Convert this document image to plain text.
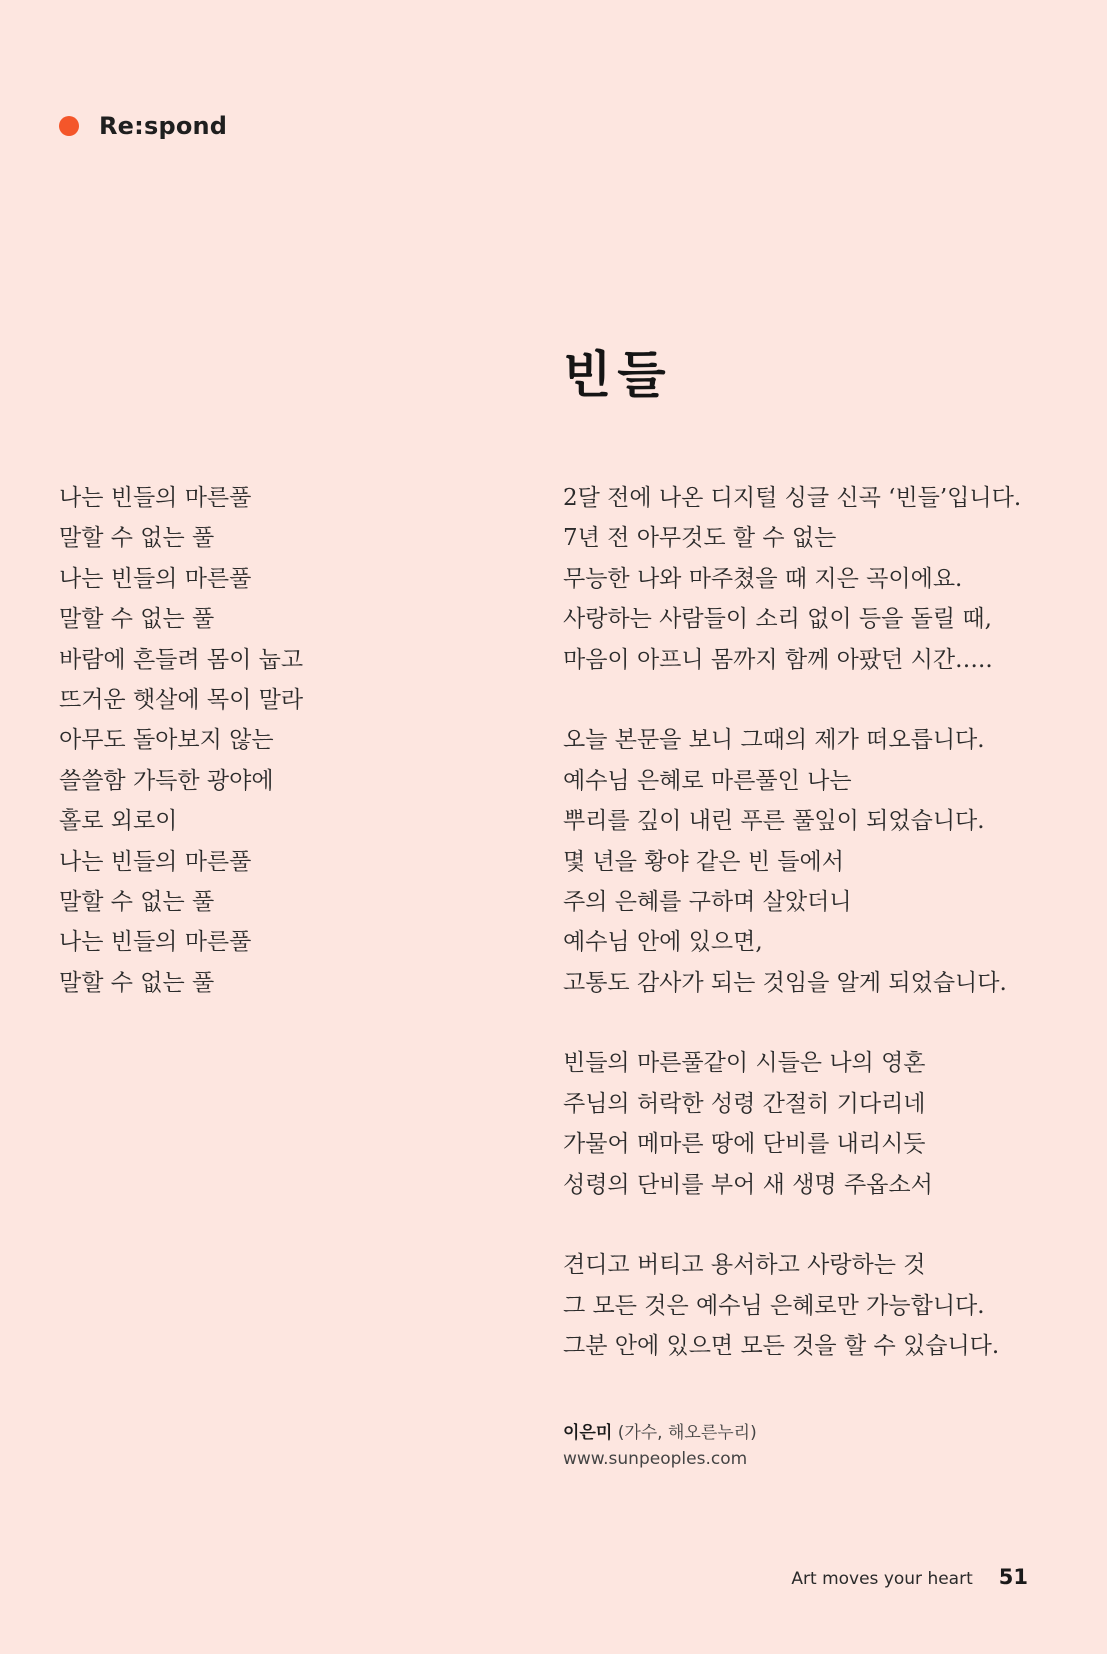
Re:spond
빈들
나는 빈들의 마른풀
말할 수 없는 풀
나는 빈들의 마른풀
말할 수 없는 풀
바람에 흔들려 몸이 눕고
뜨거운 햇살에 목이 말라
아무도 돌아보지 않는
쓸쓸함 가득한 광야에
홀로 외로이
나는 빈들의 마른풀
말할 수 없는 풀
나는 빈들의 마른풀
말할 수 없는 풀
2달 전에 나온 디지털 싱글 신곡 ‘빈들’입니다.
7년 전 아무것도 할 수 없는
무능한 나와 마주쳤을 때 지은 곡이에요.
사랑하는 사람들이 소리 없이 등을 돌릴 때,
마음이 아프니 몸까지 함께 아팠던 시간…..
오늘 본문을 보니 그때의 제가 떠오릅니다.
예수님 은혜로 마른풀인 나는
뿌리를 깊이 내린 푸른 풀잎이 되었습니다.
몇 년을 황야 같은 빈 들에서
주의 은혜를 구하며 살았더니
예수님 안에 있으면,
고통도 감사가 되는 것임을 알게 되었습니다.
빈들의 마른풀같이 시들은 나의 영혼
주님의 허락한 성령 간절히 기다리네
가물어 메마른 땅에 단비를 내리시듯
성령의 단비를 부어 새 생명 주옵소서
견디고 버티고 용서하고 사랑하는 것
그 모든 것은 예수님 은혜로만 가능합니다.
그분 안에 있으면 모든 것을 할 수 있습니다.
이은미 (가수, 해오른누리)
www.sunpeoples.com
Art moves your heart 51
